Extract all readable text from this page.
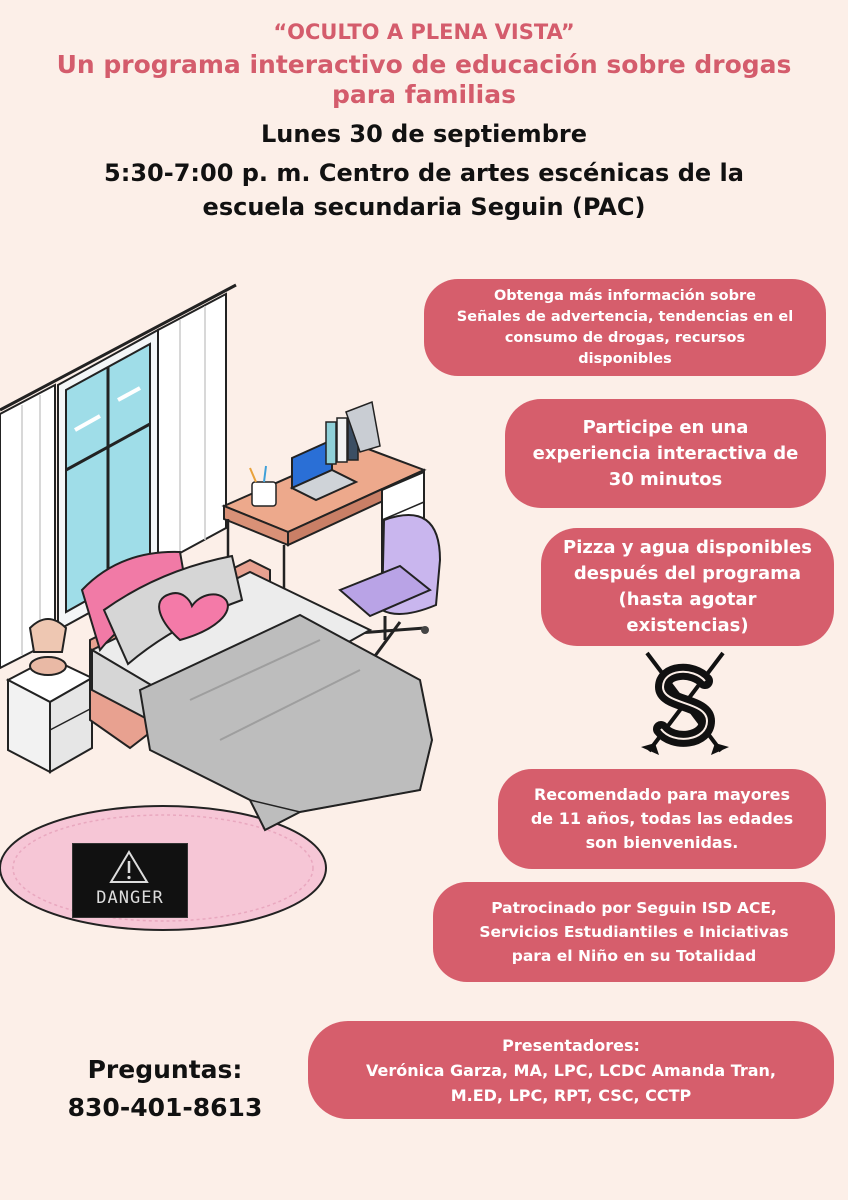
“OCULTO A PLENA VISTA”
Un programa interactivo de educación sobre drogas
para familias
Lunes 30 de septiembre
5:30-7:00 p. m. Centro de artes escénicas de la
escuela secundaria Seguin (PAC)
DANGER
Obtenga más información sobre
Señales de advertencia, tendencias en el
consumo de drogas, recursos
disponibles
Participe en una
experiencia interactiva de
30 minutos
Pizza y agua disponibles
después del programa
(hasta agotar
existencias)
Recomendado para mayores
de 11 años, todas las edades
son bienvenidas.
Patrocinado por Seguin ISD ACE,
Servicios Estudiantiles e Iniciativas
para el Niño en su Totalidad
Presentadores:
Verónica Garza, MA, LPC, LCDC Amanda Tran,
M.ED, LPC, RPT, CSC, CCTP
Preguntas:
830-401-8613
